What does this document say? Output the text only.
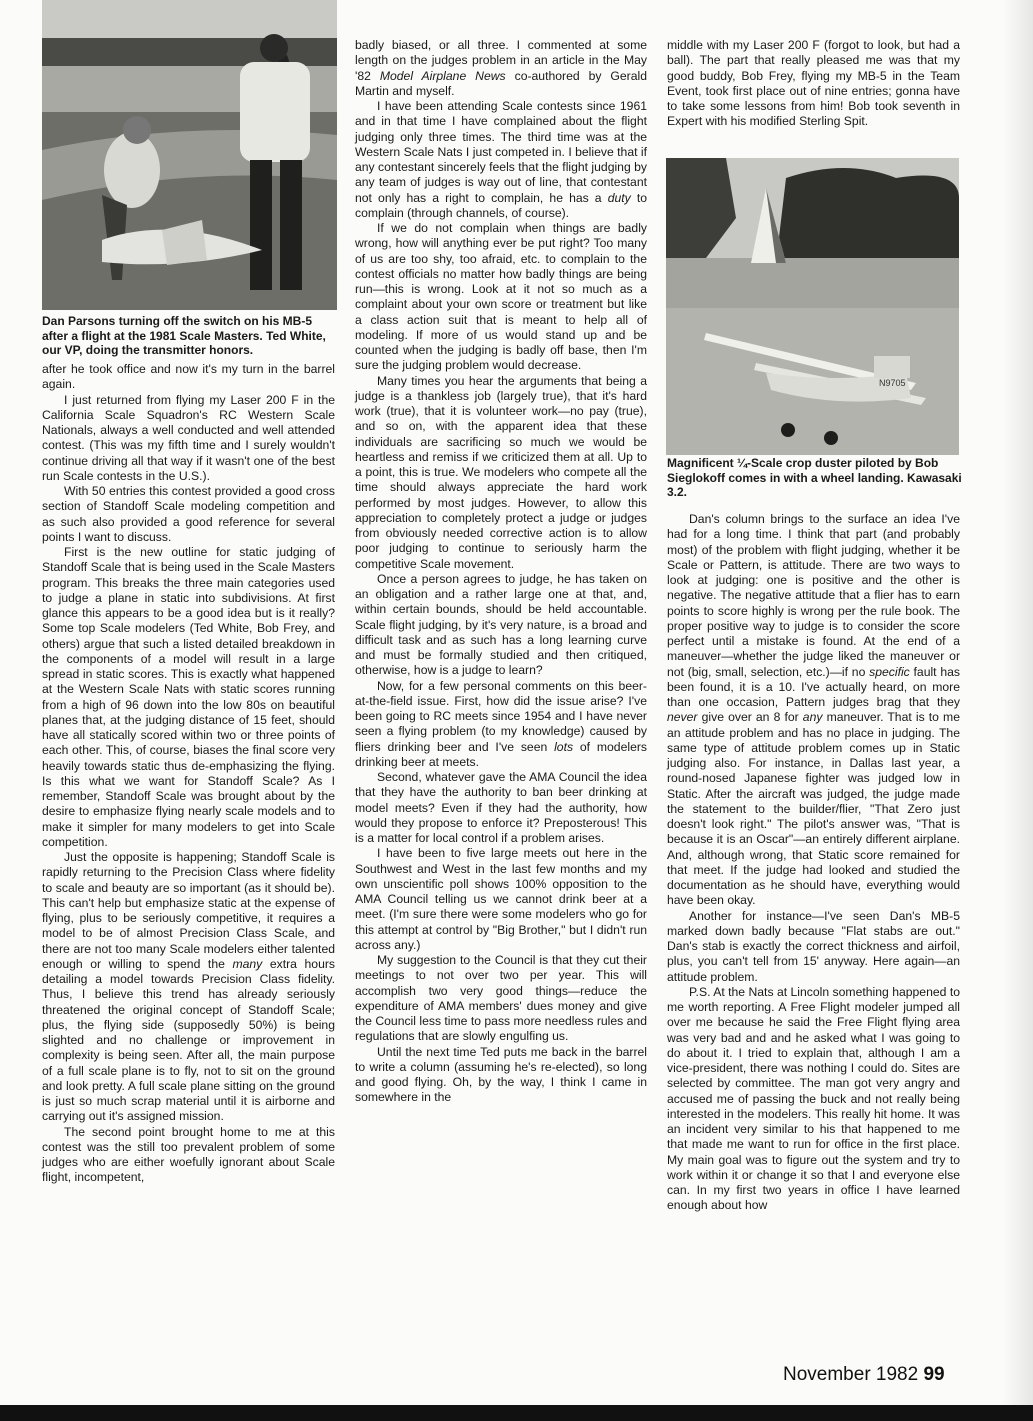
Dan Parsons turning off the switch on his MB-5 after a flight at the 1981 Scale Masters. Ted White, our VP, doing the transmitter honors.
N9705
Magnificent ¼-Scale crop duster piloted by Bob Sieglokoff comes in with a wheel landing. Kawasaki 3.2.

after he took office and now it's my turn in the barrel again.

I just returned from flying my Laser 200 F in the California Scale Squadron's RC Western Scale Nationals, always a well conducted and well attended contest. (This was my fifth time and I surely wouldn't continue driving all that way if it wasn't one of the best run Scale contests in the U.S.).

With 50 entries this contest provided a good cross section of Standoff Scale modeling competition and as such also provided a good reference for several points I want to discuss.

First is the new outline for static judging of Standoff Scale that is being used in the Scale Masters program. This breaks the three main categories used to judge a plane in static into subdivisions. At first glance this appears to be a good idea but is it really? Some top Scale modelers (Ted White, Bob Frey, and others) argue that such a listed detailed breakdown in the components of a model will result in a large spread in static scores. This is exactly what happened at the Western Scale Nats with static scores running from a high of 96 down into the low 80s on beautiful planes that, at the judging distance of 15 feet, should have all statically scored within two or three points of each other. This, of course, biases the final score very heavily towards static thus de-emphasizing the flying. Is this what we want for Standoff Scale? As I remember, Standoff Scale was brought about by the desire to emphasize flying nearly scale models and to make it simpler for many modelers to get into Scale competition.

Just the opposite is happening; Standoff Scale is rapidly returning to the Precision Class where fidelity to scale and beauty are so important (as it should be). This can't help but emphasize static at the expense of flying, plus to be seriously competitive, it requires a model to be of almost Precision Class Scale, and there are not too many Scale modelers either talented enough or willing to spend the many extra hours detailing a model towards Precision Class fidelity. Thus, I believe this trend has already seriously threatened the original concept of Standoff Scale; plus, the flying side (supposedly 50%) is being slighted and no challenge or improvement in complexity is being seen. After all, the main purpose of a full scale plane is to fly, not to sit on the ground and look pretty. A full scale plane sitting on the ground is just so much scrap material until it is airborne and carrying out it's assigned mission.

The second point brought home to me at this contest was the still too prevalent problem of some judges who are either woefully ignorant about Scale flight, incompetent,

badly biased, or all three. I commented at some length on the judges problem in an article in the May '82 Model Airplane News co-authored by Gerald Martin and myself.

I have been attending Scale contests since 1961 and in that time I have complained about the flight judging only three times. The third time was at the Western Scale Nats I just competed in. I believe that if any contestant sincerely feels that the flight judging by any team of judges is way out of line, that contestant not only has a right to complain, he has a duty to complain (through channels, of course).

If we do not complain when things are badly wrong, how will anything ever be put right? Too many of us are too shy, too afraid, etc. to complain to the contest officials no matter how badly things are being run—this is wrong. Look at it not so much as a complaint about your own score or treatment but like a class action suit that is meant to help all of modeling. If more of us would stand up and be counted when the judging is badly off base, then I'm sure the judging problem would decrease.

Many times you hear the arguments that being a judge is a thankless job (largely true), that it's hard work (true), that it is volunteer work—no pay (true), and so on, with the apparent idea that these individuals are sacrificing so much we would be heartless and remiss if we criticized them at all. Up to a point, this is true. We modelers who compete all the time should always appreciate the hard work performed by most judges. However, to allow this appreciation to completely protect a judge or judges from obviously needed corrective action is to allow poor judging to continue to seriously harm the competitive Scale movement.

Once a person agrees to judge, he has taken on an obligation and a rather large one at that, and, within certain bounds, should be held accountable. Scale flight judging, by it's very nature, is a broad and difficult task and as such has a long learning curve and must be formally studied and then critiqued, otherwise, how is a judge to learn?

Now, for a few personal comments on this beer-at-the-field issue. First, how did the issue arise? I've been going to RC meets since 1954 and I have never seen a flying problem (to my knowledge) caused by fliers drinking beer and I've seen lots of modelers drinking beer at meets.

Second, whatever gave the AMA Council the idea that they have the authority to ban beer drinking at model meets? Even if they had the authority, how would they propose to enforce it? Preposterous! This is a matter for local control if a problem arises.

I have been to five large meets out here in the Southwest and West in the last few months and my own unscientific poll shows 100% opposition to the AMA Council telling us we cannot drink beer at a meet. (I'm sure there were some modelers who go for this attempt at control by "Big Brother," but I didn't run across any.)

My suggestion to the Council is that they cut their meetings to not over two per year. This will accomplish two very good things—reduce the expenditure of AMA members' dues money and give the Council less time to pass more needless rules and regulations that are slowly engulfing us.

Until the next time Ted puts me back in the barrel to write a column (assuming he's re-elected), so long and good flying. Oh, by the way, I think I came in somewhere in the

middle with my Laser 200 F (forgot to look, but had a ball). The part that really pleased me was that my good buddy, Bob Frey, flying my MB-5 in the Team Event, took first place out of nine entries; gonna have to take some lessons from him! Bob took seventh in Expert with his modified Sterling Spit.

Dan's column brings to the surface an idea I've had for a long time. I think that part (and probably most) of the problem with flight judging, whether it be Scale or Pattern, is attitude. There are two ways to look at judging: one is positive and the other is negative. The negative attitude that a flier has to earn points to score highly is wrong per the rule book. The proper positive way to judge is to consider the score perfect until a mistake is found. At the end of a maneuver—whether the judge liked the maneuver or not (big, small, selection, etc.)—if no specific fault has been found, it is a 10. I've actually heard, on more than one occasion, Pattern judges brag that they never give over an 8 for any maneuver. That is to me an attitude problem and has no place in judging. The same type of attitude problem comes up in Static judging also. For instance, in Dallas last year, a round-nosed Japanese fighter was judged low in Static. After the aircraft was judged, the judge made the statement to the builder/flier, "That Zero just doesn't look right." The pilot's answer was, "That is because it is an Oscar"—an entirely different airplane. And, although wrong, that Static score remained for that meet. If the judge had looked and studied the documentation as he should have, everything would have been okay.

Another for instance—I've seen Dan's MB-5 marked down badly because "Flat stabs are out." Dan's stab is exactly the correct thickness and airfoil, plus, you can't tell from 15' anyway. Here again—an attitude problem.

P.S. At the Nats at Lincoln something happened to me worth reporting. A Free Flight modeler jumped all over me because he said the Free Flight flying area was very bad and and he asked what I was going to do about it. I tried to explain that, although I am a vice-president, there was nothing I could do. Sites are selected by committee. The man got very angry and accused me of passing the buck and not really being interested in the modelers. This really hit home. It was an incident very similar to his that happened to me that made me want to run for office in the first place. My main goal was to figure out the system and try to work within it or change it so that I and everyone else can. In my first two years in office I have learned enough about how

November 1982 99
